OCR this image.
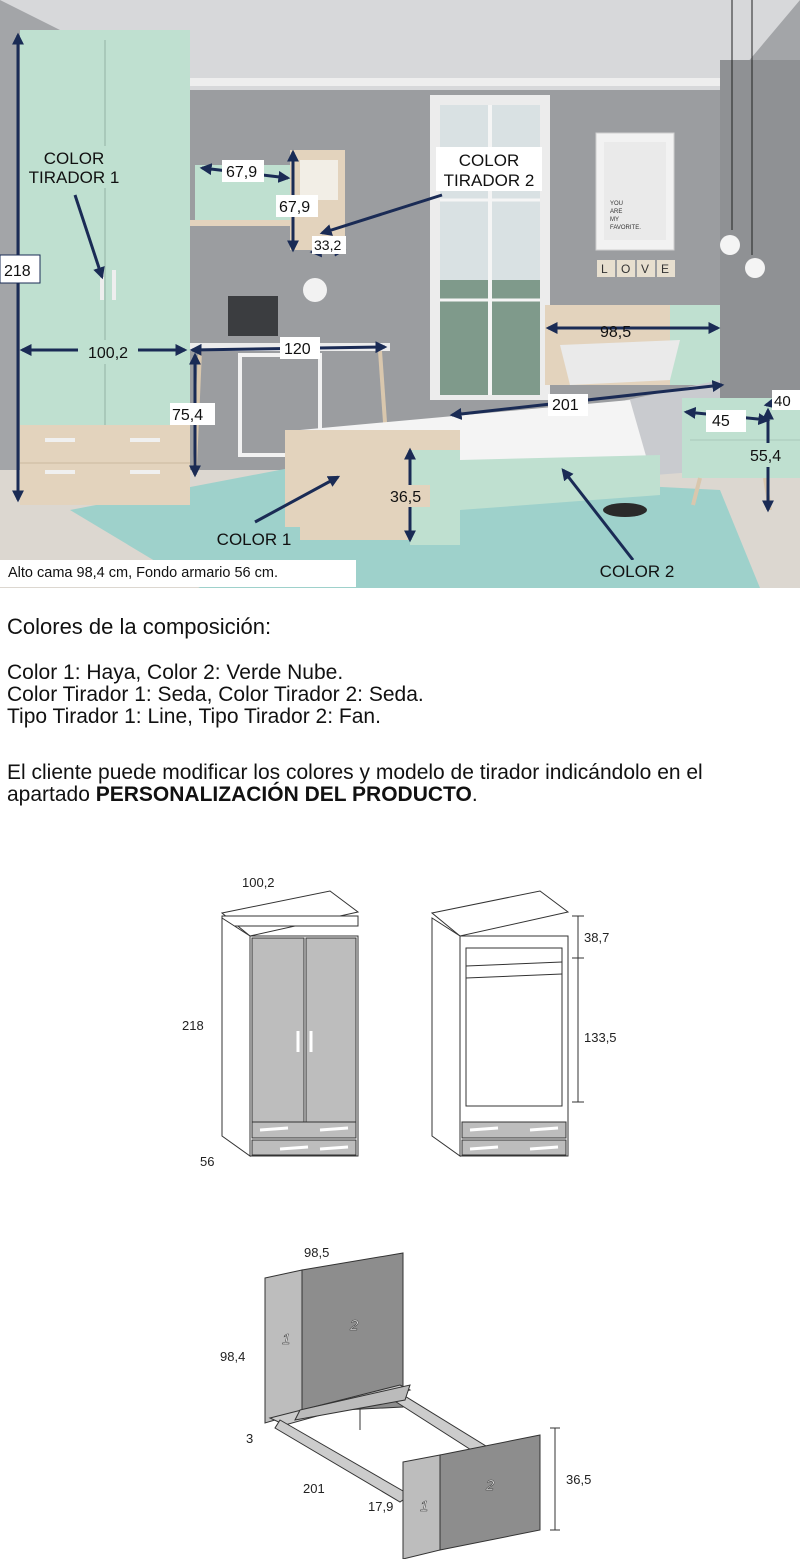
YOU
ARE
MY
FAVORITE.
L O V E
218
100,2
67,9
67,9
33,2
120
75,4
98,5
201
36,5
45
40
55,4
COLOR
TIRADOR 1
COLOR
TIRADOR 2
COLOR 1
COLOR 2
Alto cama 98,4 cm, Fondo armario 56 cm.
Colores de la composición:
Color 1: Haya, Color 2: Verde Nube.
Color Tirador 1: Seda, Color Tirador 2: Seda.
Tipo Tirador 1: Line, Tipo Tirador 2: Fan.
El cliente puede modificar los colores y modelo de tirador indicándolo en el
apartado PERSONALIZACIÓN DEL PRODUCTO.
100,2
218
56
38,7
133,5
98,5
98,4
3
201
17,9
36,5
1
2
1
2
